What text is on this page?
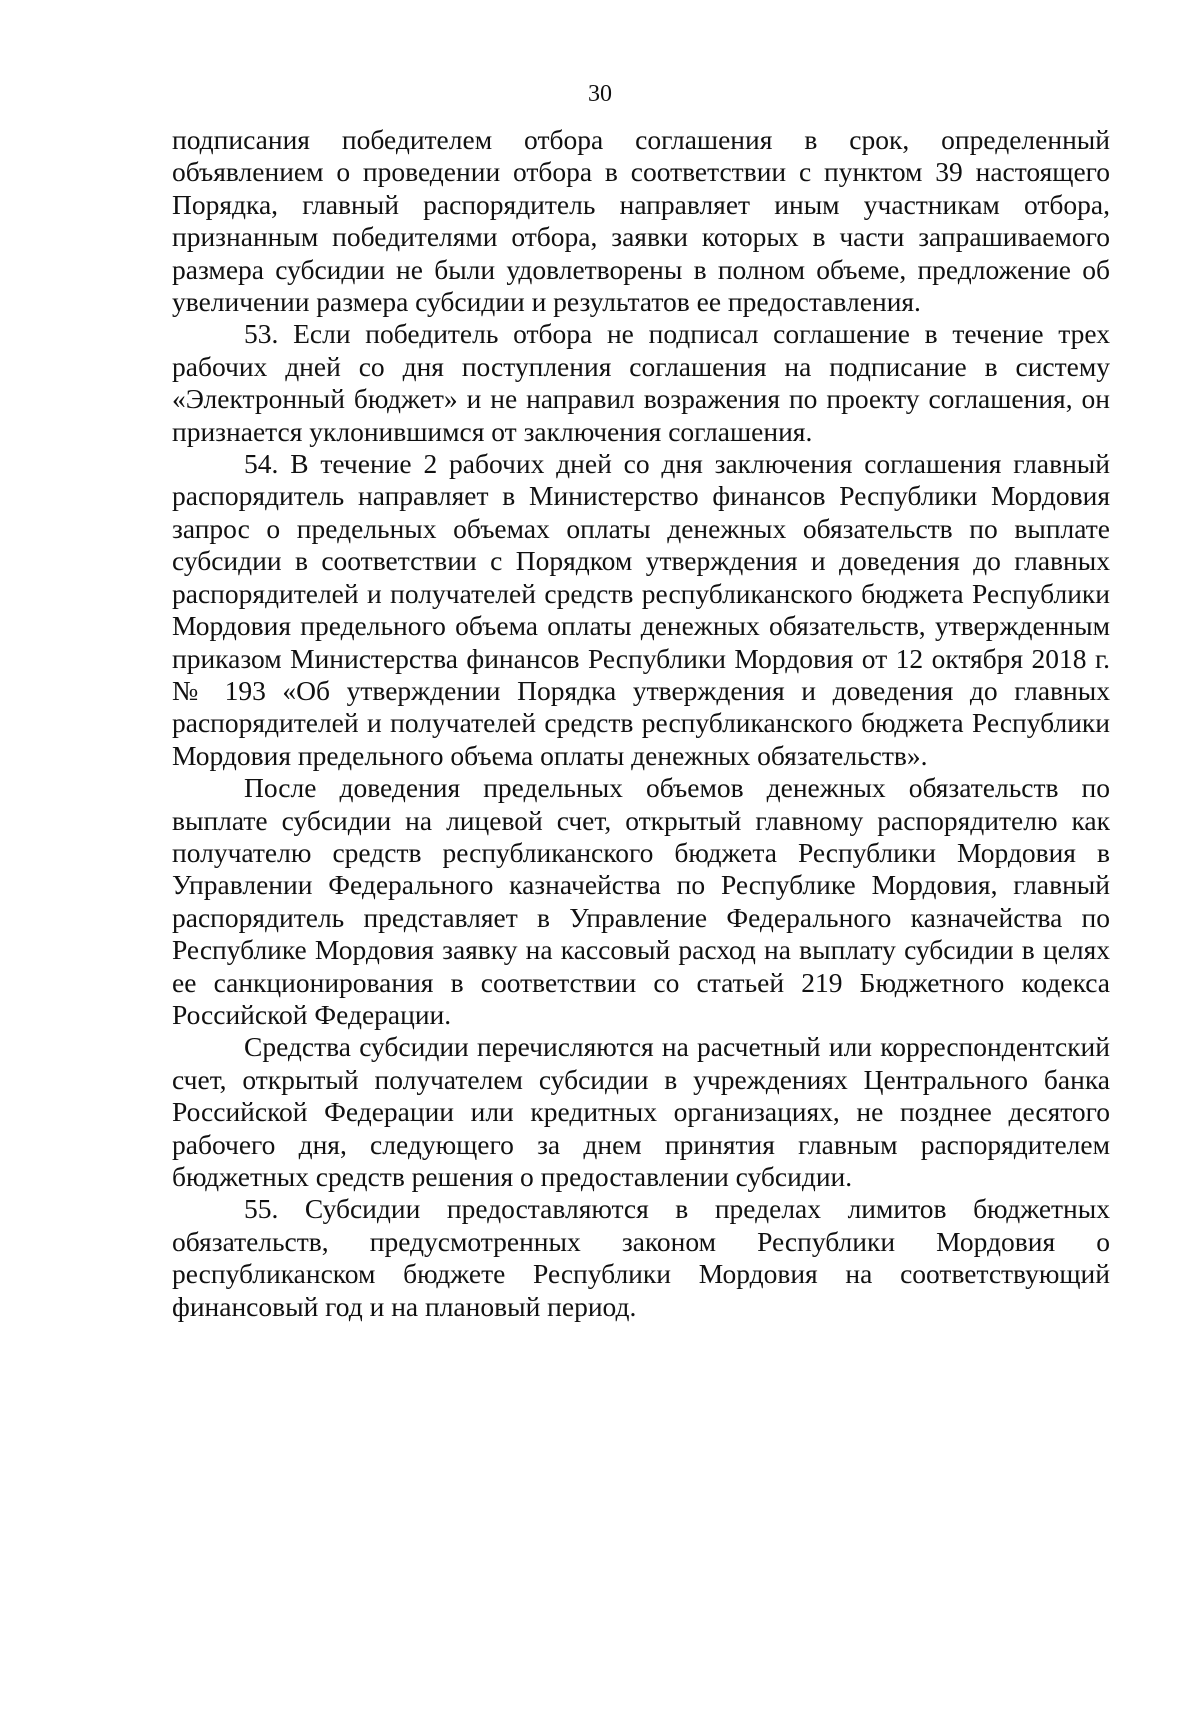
30

подписания победителем отбора соглашения в срок, определенный объявлением о проведении отбора в соответствии с пунктом 39 настоящего Порядка, главный распорядитель направляет иным участникам отбора, признанным победителями отбора, заявки которых в части запрашиваемого размера субсидии не были удовлетворены в полном объеме, предложение об увеличении размера субсидии и результатов ее предоставления.

53. Если победитель отбора не подписал соглашение в течение трех рабочих дней со дня поступления соглашения на подписание в систему «Электронный бюджет» и не направил возражения по проекту соглашения, он признается уклонившимся от заключения соглашения.

54. В течение 2 рабочих дней со дня заключения соглашения главный распорядитель направляет в Министерство финансов Республики Мордовия запрос о предельных объемах оплаты денежных обязательств по выплате субсидии в соответствии с Порядком утверждения и доведения до главных распорядителей и получателей средств республиканского бюджета Республики Мордовия предельного объема оплаты денежных обязательств, утвержденным приказом Министерства финансов Республики Мордовия от 12 октября 2018 г. № 193 «Об утверждении Порядка утверждения и доведения до главных распорядителей и получателей средств республиканского бюджета Республики Мордовия предельного объема оплаты денежных обязательств».

После доведения предельных объемов денежных обязательств по выплате субсидии на лицевой счет, открытый главному распорядителю как получателю средств республиканского бюджета Республики Мордовия в Управлении Федерального казначейства по Республике Мордовия, главный распорядитель представляет в Управление Федерального казначейства по Республике Мордовия заявку на кассовый расход на выплату субсидии в целях ее санкционирования в соответствии со статьей 219 Бюджетного кодекса Российской Федерации.

Средства субсидии перечисляются на расчетный или корреспондентский счет, открытый получателем субсидии в учреждениях Центрального банка Российской Федерации или кредитных организациях, не позднее десятого рабочего дня, следующего за днем принятия главным распорядителем бюджетных средств решения о предоставлении субсидии.

55. Субсидии предоставляются в пределах лимитов бюджетных обязательств, предусмотренных законом Республики Мордовия о республиканском бюджете Республики Мордовия на соответствующий финансовый год и на плановый период.
